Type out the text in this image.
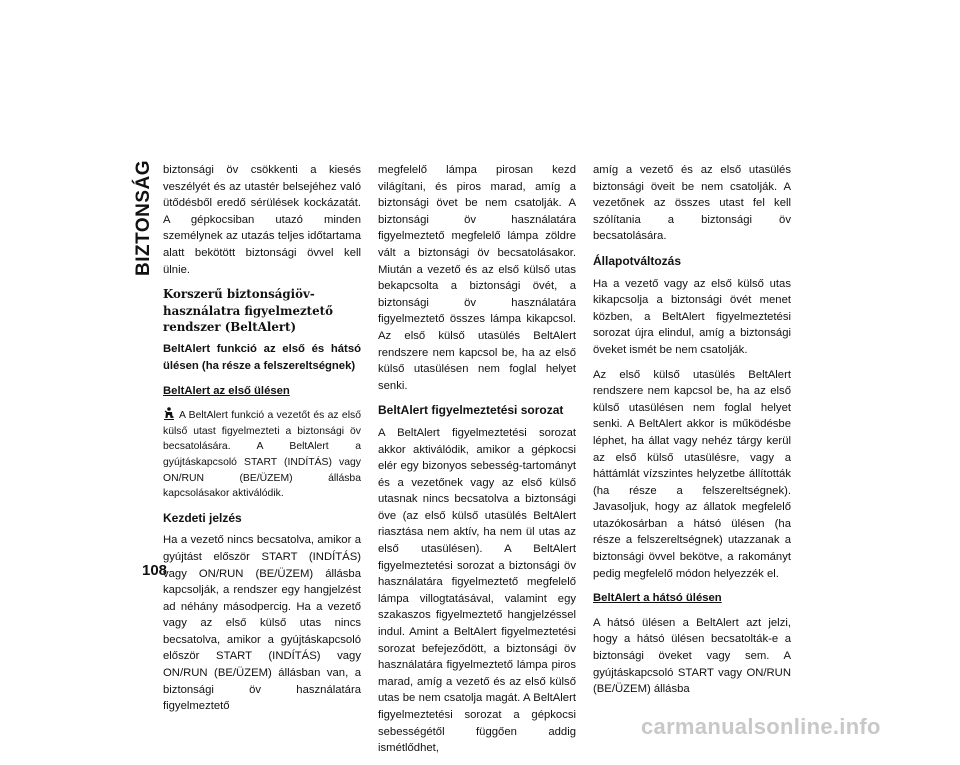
BIZTONSÁG biztonsági öv csökkenti a kiesés veszélyét és az utastér belsejéhez való ütődésből eredő sérülések kockázatát. A gépkocsiban utazó minden személynek az utazás teljes időtartama alatt bekötött biztonsági övvel kell ülnie.

Korszerű biztonságiöv-használatra figyelmeztető rendszer (BeltAlert)

BeltAlert funkció az első és hátsó ülésen (ha része a felszereltségnek)

BeltAlert az első ülésen

A BeltAlert funkció a vezetőt és az első külső utast figyelmezteti a biztonsági öv becsatolására. A BeltAlert a gyújtáskapcsoló START (INDÍTÁS) vagy ON/RUN (BE/ÜZEM) állásba kapcsolásakor aktiválódik.
Kezdeti jelzés

Ha a vezető nincs becsatolva, amikor a gyújtást először START (INDÍTÁS) vagy ON/RUN (BE/ÜZEM) állásba kapcsolják, a rendszer egy hangjelzést ad néhány másodpercig. Ha a vezető vagy az első külső utas nincs becsatolva, amikor a gyújtáskapcsoló először START (INDÍTÁS) vagy ON/RUN (BE/ÜZEM) állásban van, a biztonsági öv használatára figyelmeztető

megfelelő lámpa pirosan kezd világítani, és piros marad, amíg a biztonsági övet be nem csatolják. A biztonsági öv használatára figyelmeztető megfelelő lámpa zöldre vált a biztonsági öv becsatolásakor. Miután a vezető és az első külső utas bekapcsolta a biztonsági övét, a biztonsági öv használatára figyelmeztető összes lámpa kikapcsol. Az első külső utasülés BeltAlert rendszere nem kapcsol be, ha az első külső utasülésen nem foglal helyet senki.

BeltAlert figyelmeztetési sorozat

A BeltAlert figyelmeztetési sorozat akkor aktiválódik, amikor a gépkocsi elér egy bizonyos sebesség-tartományt és a vezetőnek vagy az első külső utasnak nincs becsatolva a biztonsági öve (az első külső utasülés BeltAlert riasztása nem aktív, ha nem ül utas az első utasülésen). A BeltAlert figyelmeztetési sorozat a biztonsági öv használatára figyelmeztető megfelelő lámpa villogtatásával, valamint egy szakaszos figyelmeztető hangjelzéssel indul. Amint a BeltAlert figyelmeztetési sorozat befejeződött, a biztonsági öv használatára figyelmeztető lámpa piros marad, amíg a vezető és az első külső utas be nem csatolja magát. A BeltAlert figyelmeztetési sorozat a gépkocsi sebességétől függően addig ismétlődhet,

amíg a vezető és az első utasülés biztonsági öveit be nem csatolják. A vezetőnek az összes utast fel kell szólítania a biztonsági öv becsatolására.

Állapotváltozás

Ha a vezető vagy az első külső utas kikapcsolja a biztonsági övét menet közben, a BeltAlert figyelmeztetési sorozat újra elindul, amíg a biztonsági öveket ismét be nem csatolják.

Az első külső utasülés BeltAlert rendszere nem kapcsol be, ha az első külső utasülésen nem foglal helyet senki. A BeltAlert akkor is működésbe léphet, ha állat vagy nehéz tárgy kerül az első külső utasülésre, vagy a háttámlát vízszintes helyzetbe állították (ha része a felszereltségnek). Javasoljuk, hogy az állatok megfelelő utazókosárban a hátsó ülésen (ha része a felszereltségnek) utazzanak a biztonsági övvel bekötve, a rakományt pedig megfelelő módon helyezzék el.

BeltAlert a hátsó ülésen

A hátsó ülésen a BeltAlert azt jelzi, hogy a hátsó ülésen becsatolták-e a biztonsági öveket vagy sem. A gyújtáskapcsoló START vagy ON/RUN (BE/ÜZEM) állásba

108
carmanualsonline.info
